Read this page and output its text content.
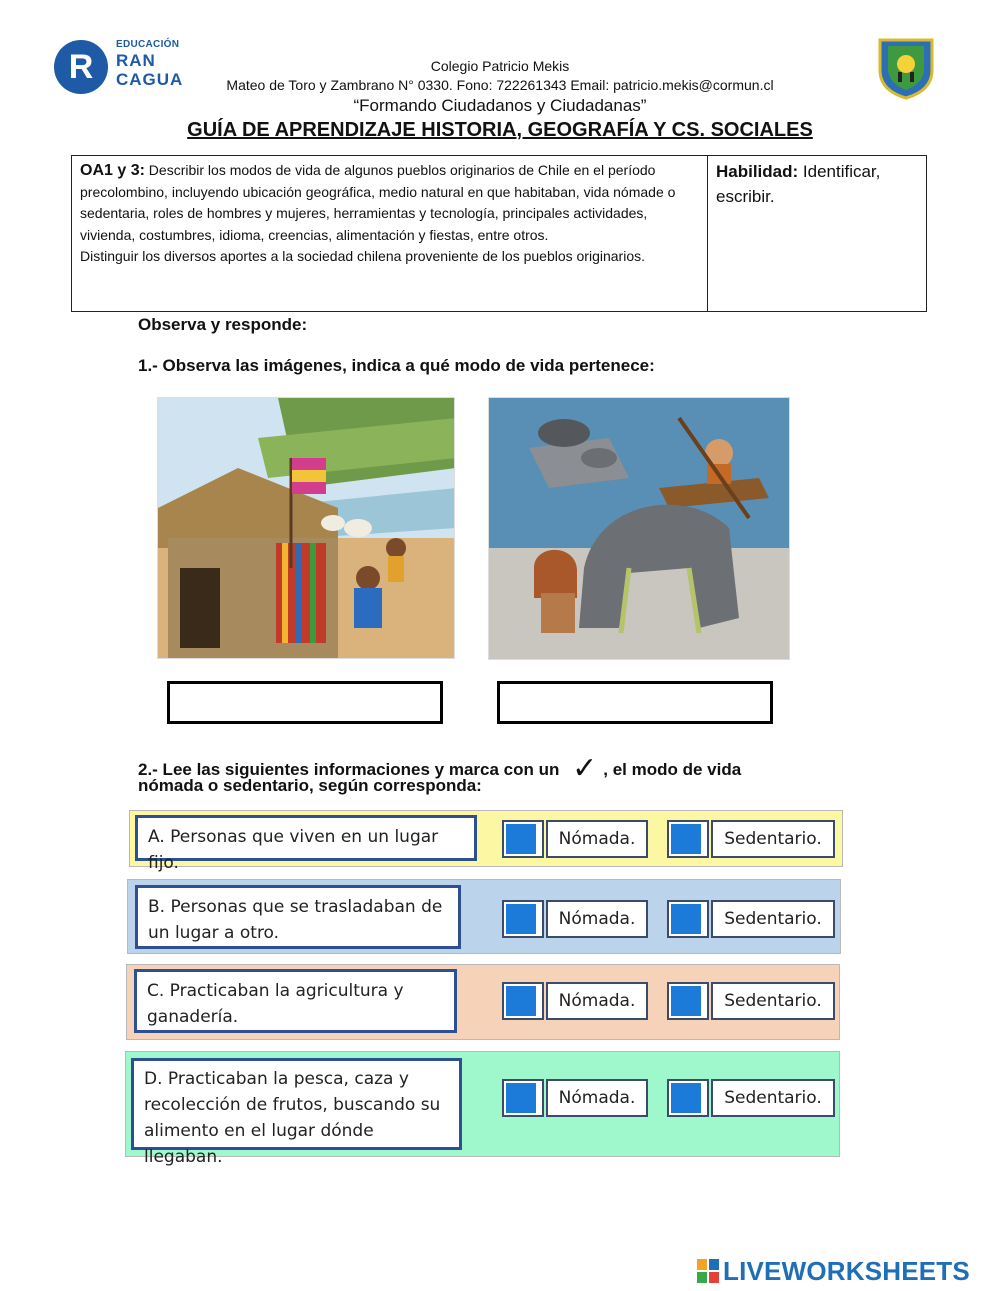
R
EDUCACIÓN
RAN
CAGUA
Colegio Patricio Mekis
Mateo de Toro y Zambrano N° 0330. Fono: 722261343 Email: patricio.mekis@cormun.cl
“Formando Ciudadanos y Ciudadanas”
GUÍA DE APRENDIZAJE HISTORIA, GEOGRAFÍA Y CS. SOCIALES
OA1 y 3: Describir los modos de vida de algunos pueblos originarios de Chile en el período precolombino, incluyendo ubicación geográfica, medio natural en que habitaban, vida nómade o sedentaria, roles de hombres y mujeres, herramientas y tecnología, principales actividades, vivienda, costumbres, idioma, creencias, alimentación y fiestas, entre otros.
Distinguir los diversos aportes a la sociedad chilena proveniente de los pueblos originarios.
Habilidad: Identificar, escribir.
Observa y responde:
1.- Observa las imágenes, indica a qué modo de vida pertenece:
2.- Lee las siguientes informaciones y marca con un ✓ , el modo de vida
nómada o sedentario, según corresponda:
A. Personas que viven en un lugar fijo.
Nómada.	Sedentario.
B. Personas que se trasladaban de un lugar a otro.
Nómada.	Sedentario.
C. Practicaban la agricultura y ganadería.
Nómada.	Sedentario.
D. Practicaban la pesca, caza y recolección de frutos, buscando su alimento en el lugar dónde llegaban.
Nómada.	Sedentario.
LIVEWORKSHEETS
